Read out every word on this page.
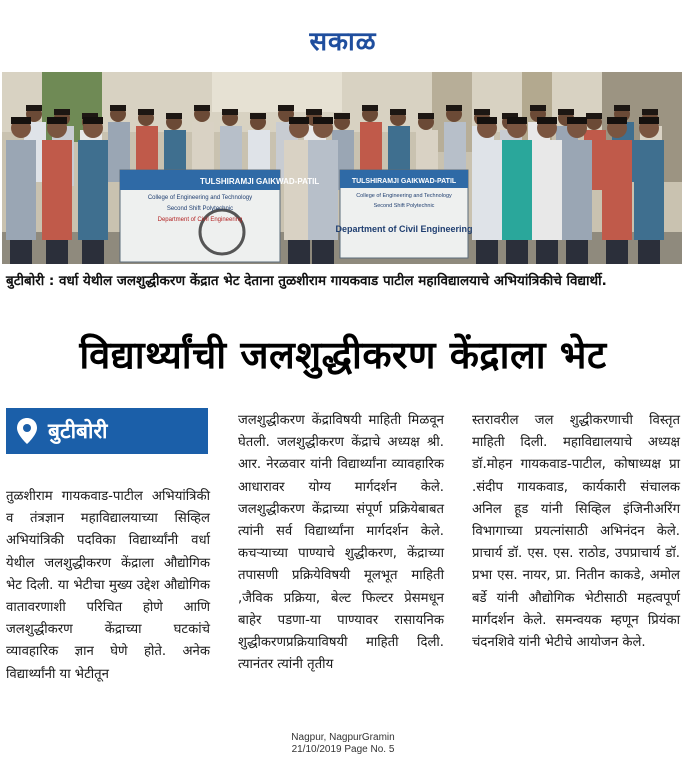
सकाळ
TULSHIRAMJI GAIKWAD-PATIL
College of Engineering and Technology
Second Shift Polytechnic
Department of Civil Engineering
TULSHIRAMJI GAIKWAD-PATIL
College of Engineering and Technology
Second Shift Polytechnic
Department of Civil Engineering
बुटीबोरी : वर्धा येथील जलशुद्धीकरण केंद्रात भेट देताना तुळशीराम गायकवाड पाटील महाविद्यालयाचे अभियांत्रिकीचे विद्यार्थी.
विद्यार्थ्यांची जलशुद्धीकरण केंद्राला भेट
बुटीबोरी
तुळशीराम गायकवाड-पाटील अभियांत्रिकी व तंत्रज्ञान महाविद्यालयाच्या सिव्हिल अभियांत्रिकी पदविका विद्यार्थ्यांनी वर्धा येथील जलशुद्धीकरण केंद्राला औद्योगिक भेट दिली. या भेटीचा मुख्य उद्देश औद्योगिक वातावरणाशी परिचित होणे आणि जलशुद्धीकरण केंद्राच्या घटकांचे व्यावहारिक ज्ञान घेणे होते. अनेक विद्यार्थ्यांनी या भेटीतून
जलशुद्धीकरण केंद्राविषयी माहिती मिळवून घेतली. जलशुद्धीकरण केंद्राचे अध्यक्ष श्री. आर. नेरळवार यांनी विद्यार्थ्यांना व्यावहारिक आधारावर योग्य मार्गदर्शन केले. जलशुद्धीकरण केंद्राच्या संपूर्ण प्रक्रियेबाबत त्यांनी सर्व विद्यार्थ्यांना मार्गदर्शन केले. कचऱ्याच्या पाण्याचे शुद्धीकरण, केंद्राच्या तपासणी प्रक्रियेविषयी मूलभूत माहिती ,जैविक प्रक्रिया, बेल्ट फिल्टर प्रेसमधून बाहेर पडणा-या पाण्यावर रासायनिक शुद्धीकरणप्रक्रियाविषयी माहिती दिली. त्यानंतर त्यांनी तृतीय
स्तरावरील जल शुद्धीकरणाची विस्तृत माहिती दिली. महाविद्यालयाचे अध्यक्ष डॉ.मोहन गायकवाड-पाटील, कोषाध्यक्ष प्रा .संदीप गायकवाड, कार्यकारी संचालक अनिल हूड यांनी सिव्हिल इंजिनीअरिंग विभागाच्या प्रयत्नांसाठी अभिनंदन केले. प्राचार्य डॉ. एस. एस. राठोड, उपप्राचार्य डॉ. प्रभा एस. नायर, प्रा. नितीन काकडे, अमोल बर्डे यांनी औद्योगिक भेटीसाठी महत्वपूर्ण मार्गदर्शन केले. समन्वयक म्हणून प्रियंका चंदनशिवे यांनी भेटीचे आयोजन केले.
Nagpur, NagpurGramin
21/10/2019 Page No. 5
